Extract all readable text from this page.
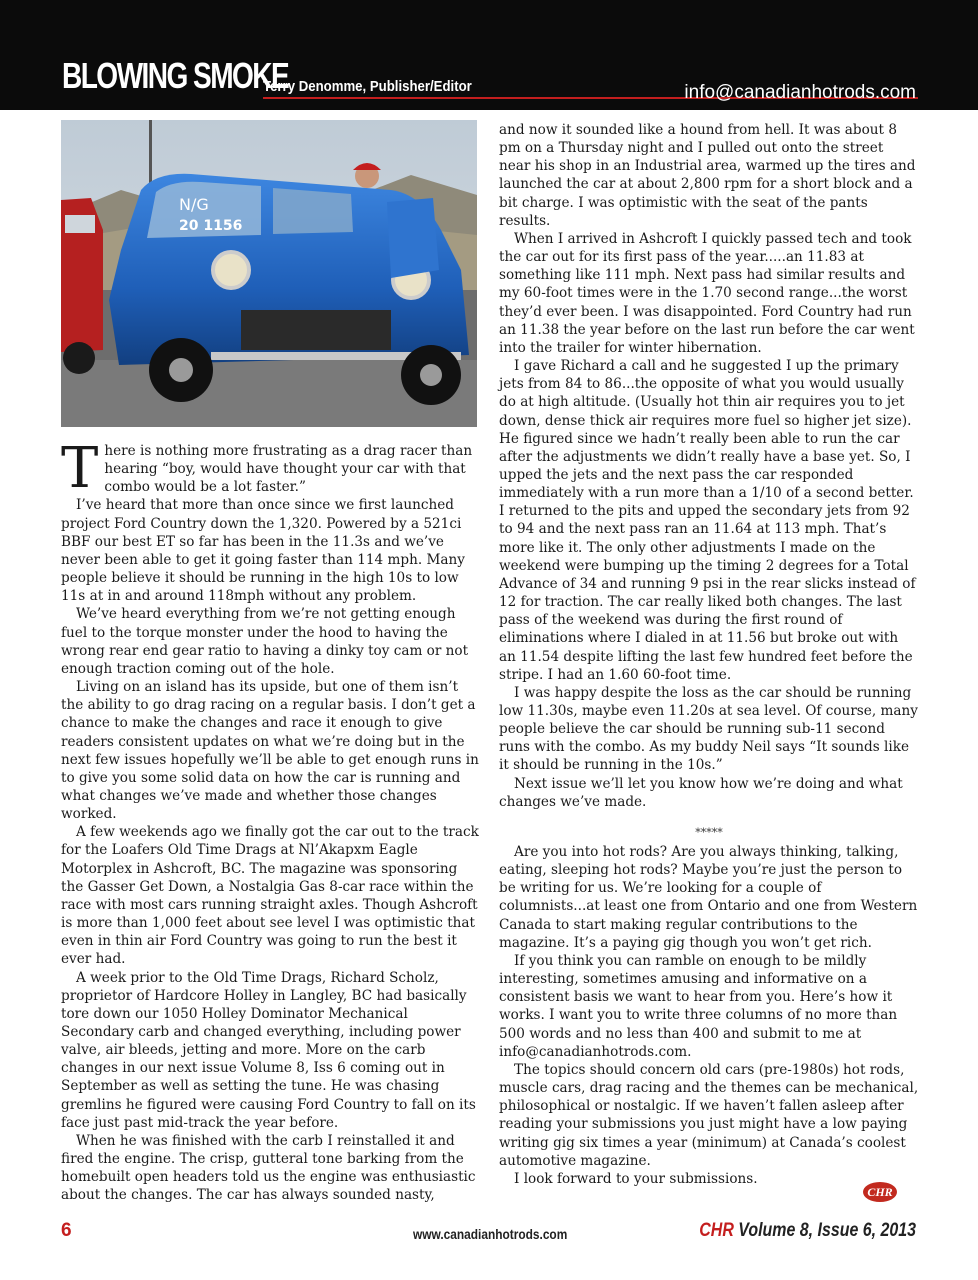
BLOWING SMOKE
Terry Denomme, Publisher/Editor	info@canadianhotrods.com
N/G
20 1156

There is nothing more frustrating as a drag racer than hearing “boy, would have thought your car with that combo would be a lot faster.”

I’ve heard that more than once since we first launched project Ford Country down the 1,320. Powered by a 521ci BBF our best ET so far has been in the 11.3s and we’ve never been able to get it going faster than 114 mph. Many people believe it should be running in the high 10s to low 11s at in and around 118mph without any problem.

We’ve heard everything from we’re not getting enough fuel to the torque monster under the hood to having the wrong rear end gear ratio to having a dinky toy cam or not enough traction coming out of the hole.

Living on an island has its upside, but one of them isn’t the ability to go drag racing on a regular basis. I don’t get a chance to make the changes and race it enough to give readers consistent updates on what we’re doing but in the next few issues hopefully we’ll be able to get enough runs in to give you some solid data on how the car is running and what changes we’ve made and whether those changes worked.

A few weekends ago we finally got the car out to the track for the Loafers Old Time Drags at Nl’Akapxm Eagle Motorplex in Ashcroft, BC. The magazine was sponsoring the Gasser Get Down, a Nostalgia Gas 8-car race within the race with most cars running straight axles. Though Ashcroft is more than 1,000 feet about see level I was optimistic that even in thin air Ford Country was going to run the best it ever had.

A week prior to the Old Time Drags, Richard Scholz, proprietor of Hardcore Holley in Langley, BC had basically tore down our 1050 Holley Dominator Mechanical Secondary carb and changed everything, including power valve, air bleeds, jetting and more. More on the carb changes in our next issue Volume 8, Iss 6 coming out in September as well as setting the tune. He was chasing gremlins he figured were causing Ford Country to fall on its face just past mid-track the year before.

When he was finished with the carb I reinstalled it and fired the engine. The crisp, gutteral tone barking from the homebuilt open headers told us the engine was enthusiastic about the changes. The car has always sounded nasty,

and now it sounded like a hound from hell. It was about 8 pm on a Thursday night and I pulled out onto the street near his shop in an Industrial area, warmed up the tires and launched the car at about 2,800 rpm for a short block and a bit charge. I was optimistic with the seat of the pants results.

When I arrived in Ashcroft I quickly passed tech and took the car out for its first pass of the year.....an 11.83 at something like 111 mph. Next pass had similar results and my 60-foot times were in the 1.70 second range...the worst they’d ever been. I was disappointed. Ford Country had run an 11.38 the year before on the last run before the car went into the trailer for winter hibernation.

I gave Richard a call and he suggested I up the primary jets from 84 to 86...the opposite of what you would usually do at high altitude. (Usually hot thin air requires you to jet down, dense thick air requires more fuel so higher jet size). He figured since we hadn’t really been able to run the car after the adjustments we didn’t really have a base yet. So, I upped the jets and the next pass the car responded immediately with a run more than a 1/10 of a second better. I returned to the pits and upped the secondary jets from 92 to 94 and the next pass ran an 11.64 at 113 mph. That’s more like it. The only other adjustments I made on the weekend were bumping up the timing 2 degrees for a Total Advance of 34 and running 9 psi in the rear slicks instead of 12 for traction. The car really liked both changes. The last pass of the weekend was during the first round of eliminations where I dialed in at 11.56 but broke out with an 11.54 despite lifting the last few hundred feet before the stripe. I had an 1.60 60-foot time.

I was happy despite the loss as the car should be running low 11.30s, maybe even 11.20s at sea level. Of course, many people believe the car should be running sub-11 second runs with the combo. As my buddy Neil says “It sounds like it should be running in the 10s.”

Next issue we’ll let you know how we’re doing and what changes we’ve made.

*****

Are you into hot rods? Are you always thinking, talking, eating, sleeping hot rods? Maybe you’re just the person to be writing for us. We’re looking for a couple of columnists...at least one from Ontario and one from Western Canada to start making regular contributions to the magazine. It’s a paying gig though you won’t get rich.

If you think you can ramble on enough to be mildly interesting, sometimes amusing and informative on a consistent basis we want to hear from you. Here’s how it works. I want you to write three columns of no more than 500 words and no less than 400 and submit to me at info@canadianhotrods.com.

The topics should concern old cars (pre-1980s) hot rods, muscle cars, drag racing and the themes can be mechanical, philosophical or nostalgic. If we haven’t fallen asleep after reading your submissions you just might have a low paying writing gig six times a year (minimum) at Canada’s coolest automotive magazine.

I look forward to your submissions.

CHR
6	www.canadianhotrods.com	CHR Volume 8, Issue 6, 2013
